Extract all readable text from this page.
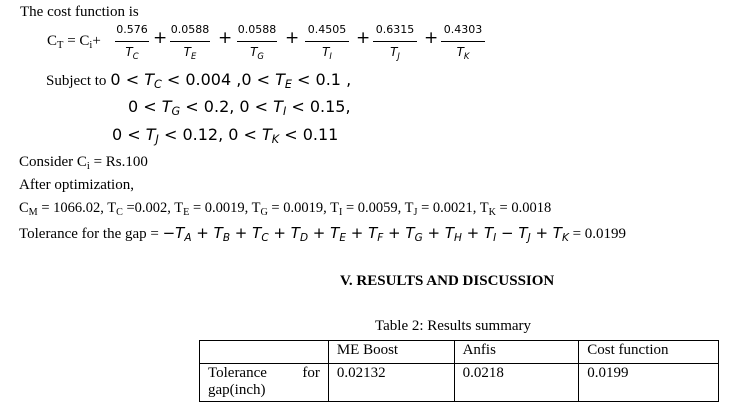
The cost function is
$C_T = C_i+$
0.576
$T_C$
+ 0.0588
$T_E$
+ 0.0588
$T_G$
+ 0.4505
$T_I$
+ 0.6315
$T_J$
+ 0.4303
$T_K$
Subject to $0 < T_C < 0.004$ $,0 < T_E < 0.1$ ,
$0 < T_G < 0.2$, $0 < T_I < 0.15$,
$0 < T_J < 0.12$, $0 < T_K < 0.11$
Consider $C_i = Rs.100$
After optimization,
$C_M = 1066.02$, $T_C =0.002$, $T_E = 0.0019$, $T_G = 0.0019$, $T_I = 0.0059$, $T_J = 0.0021$, $T_K = 0.0018$
Tolerance for the gap = $-T_A + T_B + T_C + T_D + T_E + T_F + T_G + T_H + T_I - T_J + T_K = 0.0199$
V. RESULTS AND DISCUSSION
Table 2: Results summary
	ME Boost	Anfis	Cost function

Tolerance for
gap(inch)	0.02132	0.0218	0.0199
